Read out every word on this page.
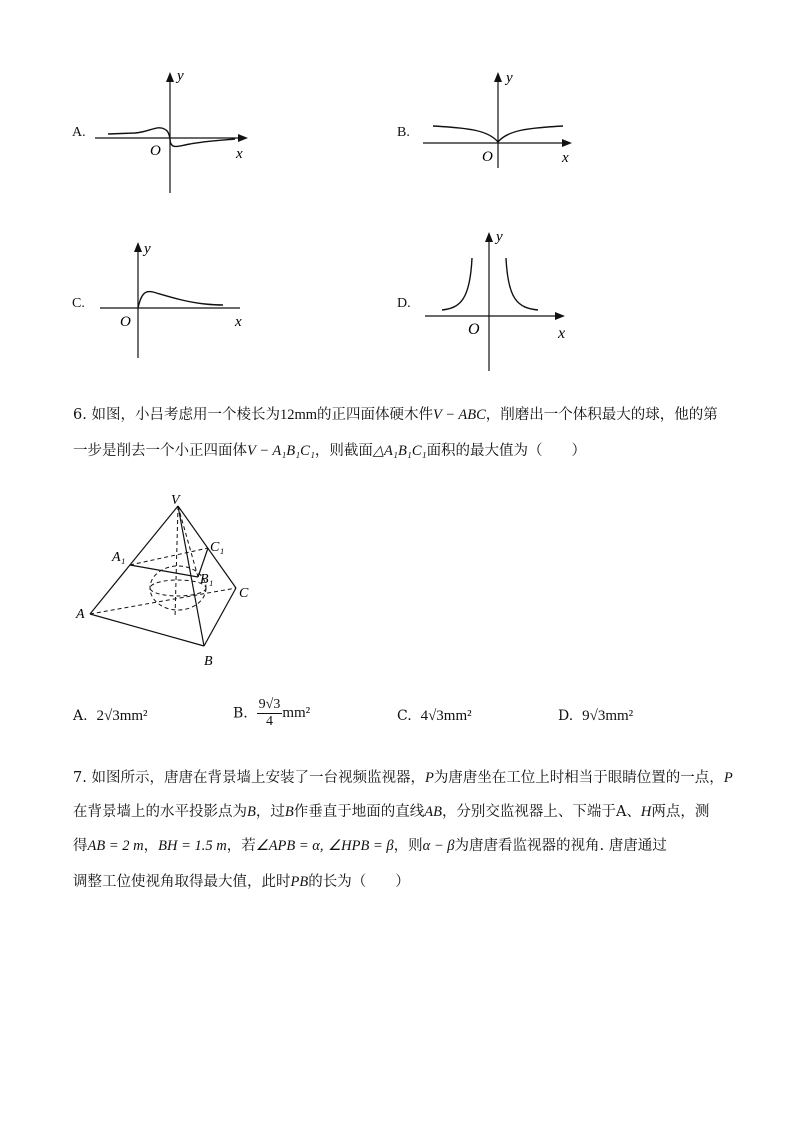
A.
y
O	x
B.
y
O	x
C.
y
O	x
D.
y
O	x
6. 如图，小吕考虑用一个棱长为12mm的正四面体硬木件V − ABC，削磨出一个体积最大的球，他的第
一步是削去一个小正四面体V − A₁B₁C₁，则截面△A₁B₁C₁面积的最大值为（　　）
V
A₁
C₁
B₁
C
A
B
A. 2√3mm²	B. $\frac{9√3}{4} mm^2$	C. 4√3mm²	D. 9√3mm²
7. 如图所示，唐唐在背景墙上安装了一台视频监视器，P为唐唐坐在工位上时相当于眼睛位置的一点，P
在背景墙上的水平投影点为B，过B作垂直于地面的直线AB，分别交监视器上、下端于A、H两点，测
得AB = 2 m，BH = 1.5 m，若∠APB = α, ∠HPB = β，则α − β为唐唐看监视器的视角. 唐唐通过
调整工位使视角取得最大值，此时PB的长为（　　）
